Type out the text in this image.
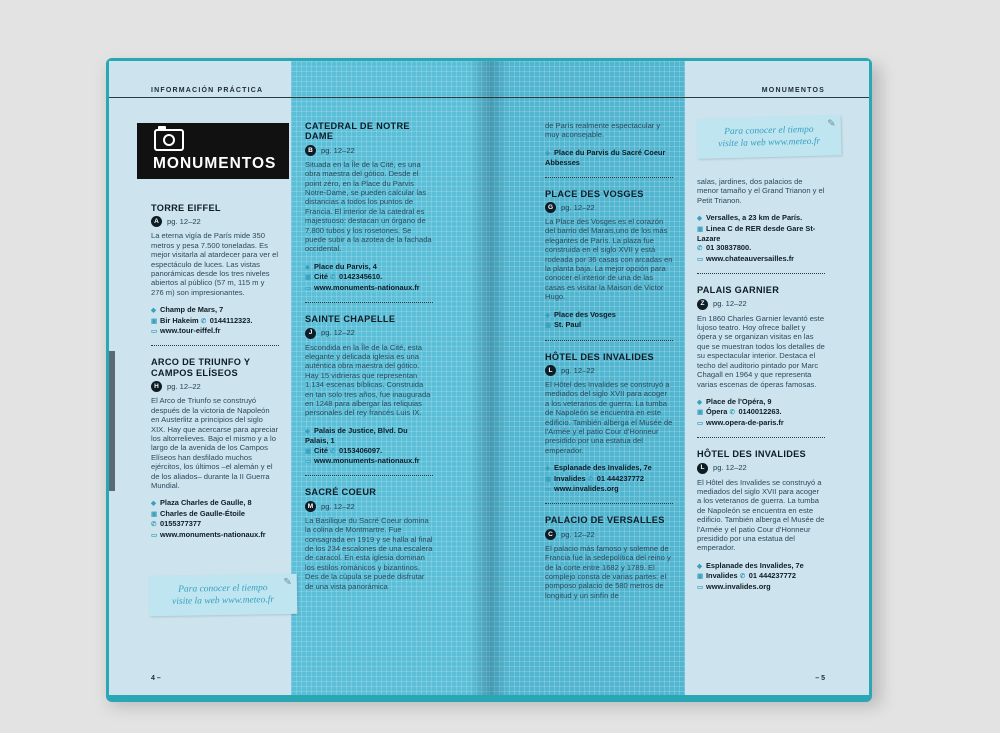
INFORMACIÓN PRÁCTICA
MONUMENTOS
TORRE EIFFEL
A	pg. 12–22
La eterna vigía de París mide 350 metros y pesa 7.500 toneladas. Es mejor visitarla al atardecer para ver el espectáculo de luces. Las vistas panorámicas desde los tres niveles abiertos al público (57 m, 115 m y 276 m) son impresionantes.
◆ Champ de Mars, 7
▣ Bir Hakeim ✆ 0144112323.
▭ www.tour-eiffel.fr
ARCO DE TRIUNFO Y CAMPOS ELÍSEOS
H	pg. 12–22
El Arco de Triunfo se construyó después de la victoria de Napoleón en Austerlitz a principios del siglo XIX. Hay que acercarse para apreciar los altorrelieves. Bajo el mismo y a lo largo de la avenida de los Campos Elíseos han desfilado muchos ejércitos, los últimos –el alemán y el de los aliados– durante la II Guerra Mundial.
◆ Plaza Charles de Gaulle, 8
▣ Charles de Gaulle-Étoile
✆ 0155377377
▭ www.monuments-nationaux.fr
✎
Para conocer el tiempo
visite la web www.meteo.fr
4 –
CATEDRAL DE NOTRE DAME
B	pg. 12–22
Situada en la Île de la Cité, es una obra maestra del gótico. Desde el point zéro, en la Place du Parvis Notre-Dame, se pueden calcular las distancias a todos los puntos de Francia. El interior de la catedral es majestuoso: destacan un órgano de 7.800 tubos y los rosetones. Se puede subir a la azotea de la fachada occidental.
◆ Place du Parvis, 4
▣ Cité ✆ 0142345610.
▭ www.monuments-nationaux.fr
SAINTE CHAPELLE
J	pg. 12–22
Escondida en la Île de la Cité, esta elegante y delicada iglesia es una auténtica obra maestra del gótico. Hay 15 vidrieras que representan 1.134 escenas bíblicas. Construida en tan solo tres años, fue inaugurada en 1248 para albergar las reliquias personales del rey francés Luis IX.
◆ Palais de Justice, Blvd. Du Palais, 1
▣ Cité ✆ 0153406097.
▭ www.monuments-nationaux.fr
SACRÉ COEUR
M	pg. 12–22
La Basilique du Sacré Coeur domina la colina de Montmartre. Fue consagrada en 1919 y se halla al final de los 234 escalones de una escalera de caracol. En esta iglesia dominan los estilos románicos y bizantinos. Des de la cúpula se puede disfrutar de una vista panorámica
MONUMENTOS
de París realmente espectacular y muy aconsejable.
◆ Place du Parvis du Sacré Coeur Abbesses
PLACE DES VOSGES
G	pg. 12–22
La Place des Vosges es el corazón del barrio del Marais,uno de los más elegantes de París. La plaza fue construida en el siglo XVII y está rodeada por 36 casas con arcadas en la planta baja. La mejor opción para conocer el interior de una de las casas es visitar la Maison de Victor Hugo.
◆ Place des Vosges
▣ St. Paul
HÔTEL DES INVALIDES
L	pg. 12–22
El Hôtel des Invalides se construyó a mediados del siglo XVII para acoger a los veteranos de guerra. La tumba de Napoleón se encuentra en este edificio. También alberga el Musée de l'Armée y el patio Cour d'Honneur presidido por una estatua del emperador.
◆ Esplanade des Invalides, 7e
▣ Invalides ✆ 01 444237772
▭ www.invalides.org
PALACIO DE VERSALLES
C	pg. 12–22
El palacio más famoso y solemne de Francia fue la sedepolítica del reino y de la corte entre 1682 y 1789. El complejo consta de varias partes: el pomposo palacio de 580 metros de longitud y un sinfín de
✎
Para conocer el tiempo
visite la web www.meteo.fr
salas, jardines, dos palacios de menor tamaño y el Grand Trianon y el Petit Trianon.
◆ Versalles, a 23 km de París.
▣ Linea C de RER desde Gare St-Lazare
✆ 01 30837800.
▭ www.chateauversailles.fr
PALAIS GARNIER
Z	pg. 12–22
En 1860 Charles Garnier levantó este lujoso teatro. Hoy ofrece ballet y ópera y se organizan visitas en las que se muestran todos los detalles de su espectacular interior. Destaca el techo del auditorio pintado por Marc Chagall en 1964 y que representa varias escenas de óperas famosas.
◆ Place de l'Opéra, 9
▣ Ópera ✆ 0140012263.
▭ www.opera-de-paris.fr
HÔTEL DES INVALIDES
L	pg. 12–22
El Hôtel des Invalides se construyó a mediados del siglo XVII para acoger a los veteranos de guerra. La tumba de Napoleón se encuentra en este edificio. También alberga el Musée de l'Armée y el patio Cour d'Honneur presidido por una estatua del emperador.
◆ Esplanade des Invalides, 7e
▣ Invalides ✆ 01 444237772
▭ www.invalides.org
– 5
